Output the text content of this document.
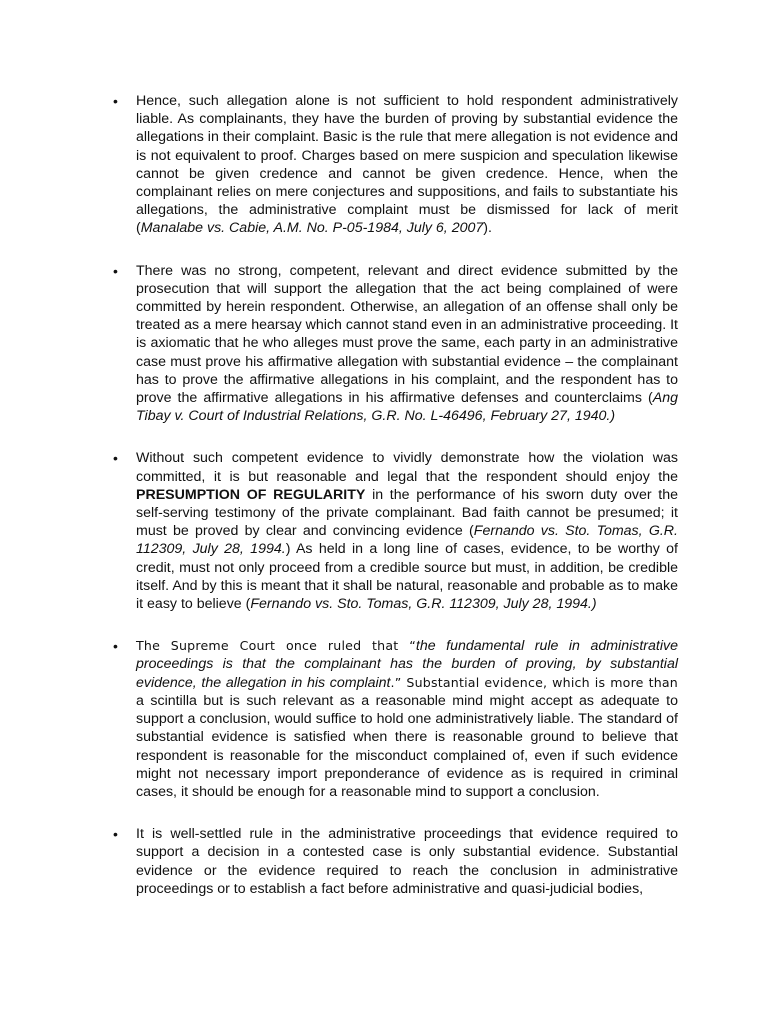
• Hence, such allegation alone is not sufficient to hold respondent administratively liable. As complainants, they have the burden of proving by substantial evidence the allegations in their complaint. Basic is the rule that mere allegation is not evidence and is not equivalent to proof. Charges based on mere suspicion and speculation likewise cannot be given credence and cannot be given credence. Hence, when the complainant relies on mere conjectures and suppositions, and fails to substantiate his allegations, the administrative complaint must be dismissed for lack of merit (Manalabe vs. Cabie, A.M. No. P-05-1984, July 6, 2007).
• There was no strong, competent, relevant and direct evidence submitted by the prosecution that will support the allegation that the act being complained of were committed by herein respondent. Otherwise, an allegation of an offense shall only be treated as a mere hearsay which cannot stand even in an administrative proceeding. It is axiomatic that he who alleges must prove the same, each party in an administrative case must prove his affirmative allegation with substantial evidence – the complainant has to prove the affirmative allegations in his complaint, and the respondent has to prove the affirmative allegations in his affirmative defenses and counterclaims (Ang Tibay v. Court of Industrial Relations, G.R. No. L-46496, February 27, 1940.)
• Without such competent evidence to vividly demonstrate how the violation was committed, it is but reasonable and legal that the respondent should enjoy the PRESUMPTION OF REGULARITY in the performance of his sworn duty over the self-serving testimony of the private complainant. Bad faith cannot be presumed; it must be proved by clear and convincing evidence (Fernando vs. Sto. Tomas, G.R. 112309, July 28, 1994.) As held in a long line of cases, evidence, to be worthy of credit, must not only proceed from a credible source but must, in addition, be credible itself. And by this is meant that it shall be natural, reasonable and probable as to make it easy to believe (Fernando vs. Sto. Tomas, G.R. 112309, July 28, 1994.)
• The Supreme Court once ruled that “the fundamental rule in administrative proceedings is that the complainant has the burden of proving, by substantial evidence, the allegation in his complaint.” Substantial evidence, which is more than a scintilla but is such relevant as a reasonable mind might accept as adequate to support a conclusion, would suffice to hold one administratively liable. The standard of substantial evidence is satisfied when there is reasonable ground to believe that respondent is reasonable for the misconduct complained of, even if such evidence might not necessary import preponderance of evidence as is required in criminal cases, it should be enough for a reasonable mind to support a conclusion.
• It is well-settled rule in the administrative proceedings that evidence required to support a decision in a contested case is only substantial evidence. Substantial evidence or the evidence required to reach the conclusion in administrative proceedings or to establish a fact before administrative and quasi-judicial bodies,
